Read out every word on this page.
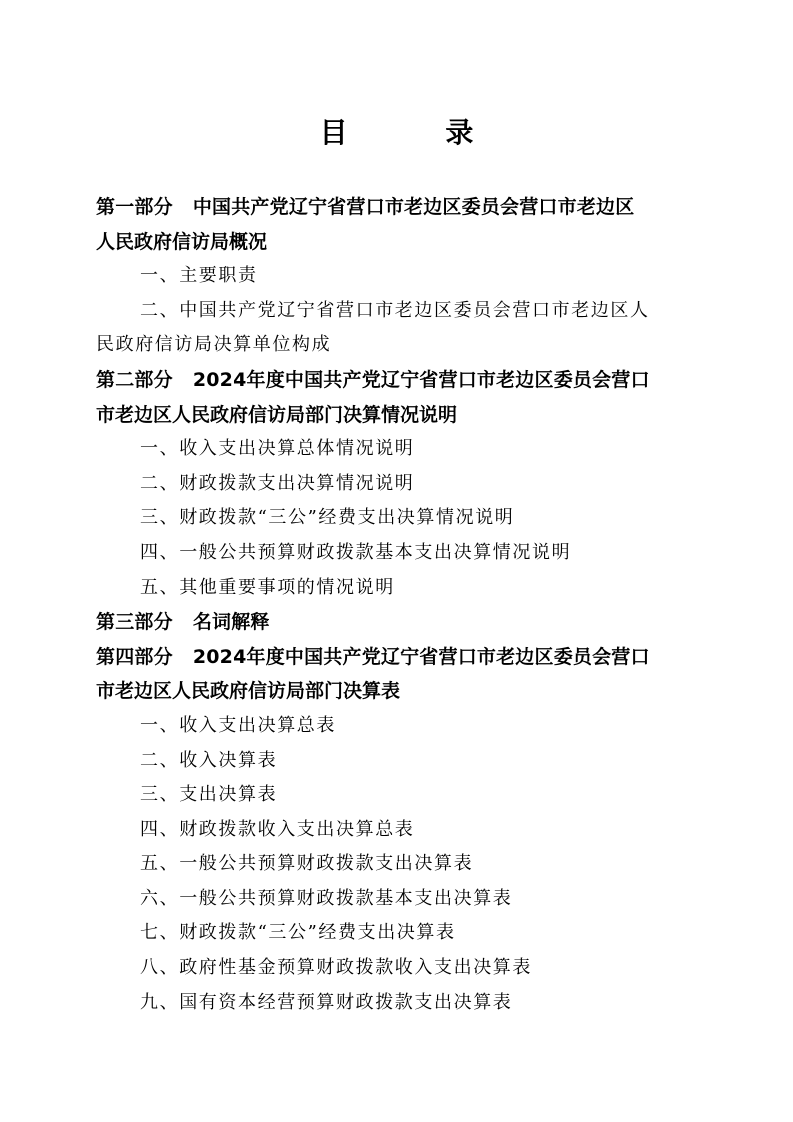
目 录
第一部分 中国共产党辽宁省营口市老边区委员会营口市老边区
人民政府信访局概况
一、主要职责
二、中国共产党辽宁省营口市老边区委员会营口市老边区人
民政府信访局决算单位构成
第二部分 2024年度中国共产党辽宁省营口市老边区委员会营口
市老边区人民政府信访局部门决算情况说明
一、收入支出决算总体情况说明
二、财政拨款支出决算情况说明
三、财政拨款“三公”经费支出决算情况说明
四、一般公共预算财政拨款基本支出决算情况说明
五、其他重要事项的情况说明
第三部分 名词解释
第四部分 2024年度中国共产党辽宁省营口市老边区委员会营口
市老边区人民政府信访局部门决算表
一、收入支出决算总表
二、收入决算表
三、支出决算表
四、财政拨款收入支出决算总表
五、一般公共预算财政拨款支出决算表
六、一般公共预算财政拨款基本支出决算表
七、财政拨款“三公”经费支出决算表
八、政府性基金预算财政拨款收入支出决算表
九、国有资本经营预算财政拨款支出决算表
